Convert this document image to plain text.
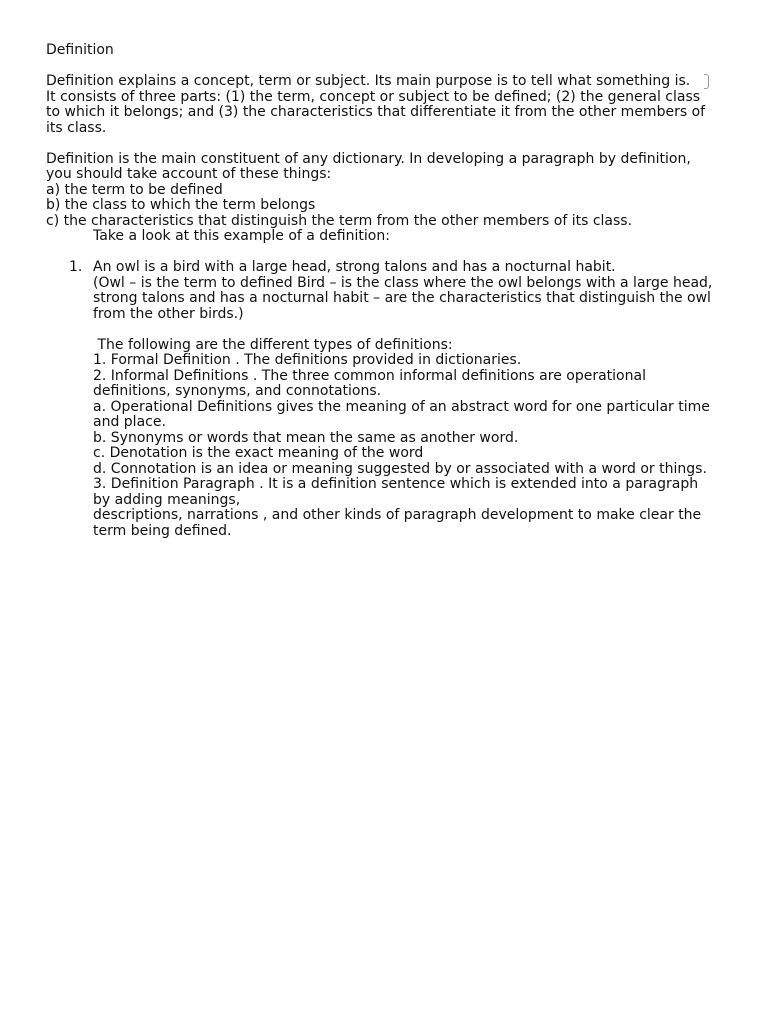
Definition
Definition explains a concept, term or subject. Its main purpose is to tell what something is.
It consists of three parts: (1) the term, concept or subject to be defined; (2) the general class
to which it belongs; and (3) the characteristics that differentiate it from the other members of
its class.
Definition is the main constituent of any dictionary. In developing a paragraph by definition,
you should take account of these things:
a) the term to be defined
b) the class to which the term belongs
c) the characteristics that distinguish the term from the other members of its class.
Take a look at this example of a definition:
1. An owl is a bird with a large head, strong talons and has a nocturnal habit.
(Owl – is the term to defined Bird – is the class where the owl belongs with a large head,
strong talons and has a nocturnal habit – are the characteristics that distinguish the owl
from the other birds.)
The following are the different types of definitions:
1. Formal Definition . The definitions provided in dictionaries.
2. Informal Definitions . The three common informal definitions are operational
definitions, synonyms, and connotations.
a. Operational Definitions gives the meaning of an abstract word for one particular time
and place.
b. Synonyms or words that mean the same as another word.
c. Denotation is the exact meaning of the word
d. Connotation is an idea or meaning suggested by or associated with a word or things.
3. Definition Paragraph . It is a definition sentence which is extended into a paragraph
by adding meanings,
descriptions, narrations , and other kinds of paragraph development to make clear the
term being defined.
